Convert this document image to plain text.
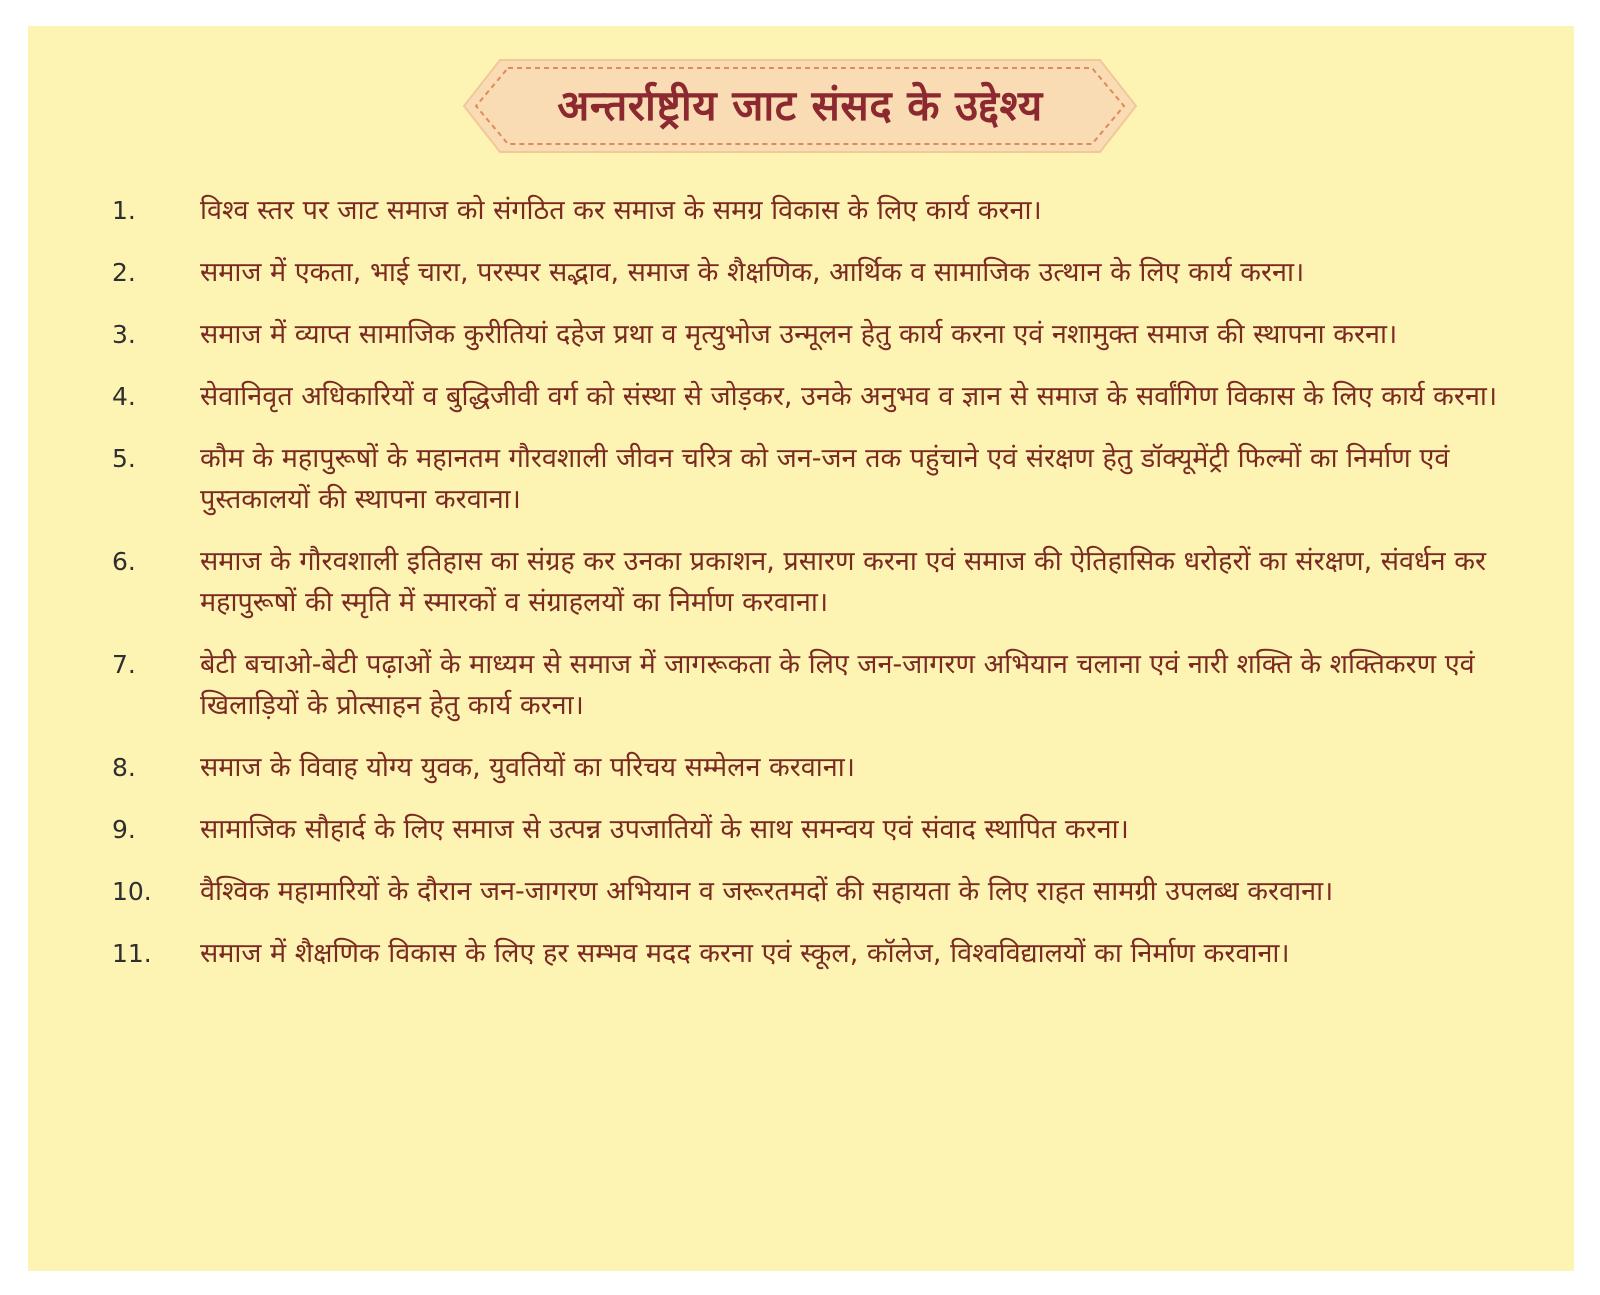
अन्तर्राष्ट्रीय जाट संसद के उद्देश्य
1. विश्व स्तर पर जाट समाज को संगठित कर समाज के समग्र विकास के लिए कार्य करना।
2. समाज में एकता, भाई चारा, परस्पर सद्भाव, समाज के शैक्षणिक, आर्थिक व सामाजिक उत्थान के लिए कार्य करना।
3. समाज में व्याप्त सामाजिक कुरीतियां दहेज प्रथा व मृत्युभोज उन्मूलन हेतु कार्य करना एवं नशामुक्त समाज की स्थापना करना।
4. सेवानिवृत अधिकारियों व बुद्धिजीवी वर्ग को संस्था से जोड़कर, उनके अनुभव व ज्ञान से समाज के सर्वांगिण विकास के लिए कार्य करना।
5. कौम के महापुरूषों के महानतम गौरवशाली जीवन चरित्र को जन-जन तक पहुंचाने एवं संरक्षण हेतु डॉक्यूमेंट्री फिल्मों का निर्माण एवं पुस्तकालयों की स्थापना करवाना।
6. समाज के गौरवशाली इतिहास का संग्रह कर उनका प्रकाशन, प्रसारण करना एवं समाज की ऐतिहासिक धरोहरों का संरक्षण, संवर्धन कर महापुरूषों की स्मृति में स्मारकों व संग्राहलयों का निर्माण करवाना।
7. बेटी बचाओ-बेटी पढ़ाओं के माध्यम से समाज में जागरूकता के लिए जन-जागरण अभियान चलाना एवं नारी शक्ति के शक्तिकरण एवं खिलाड़ियों के प्रोत्साहन हेतु कार्य करना।
8. समाज के विवाह योग्य युवक, युवतियों का परिचय सम्मेलन करवाना।
9. सामाजिक सौहार्द के लिए समाज से उत्पन्न उपजातियों के साथ समन्वय एवं संवाद स्थापित करना।
10. वैश्विक महामारियों के दौरान जन-जागरण अभियान व जरूरतमदों की सहायता के लिए राहत सामग्री उपलब्ध करवाना।
11. समाज में शैक्षणिक विकास के लिए हर सम्भव मदद करना एवं स्कूल, कॉलेज, विश्वविद्यालयों का निर्माण करवाना।
